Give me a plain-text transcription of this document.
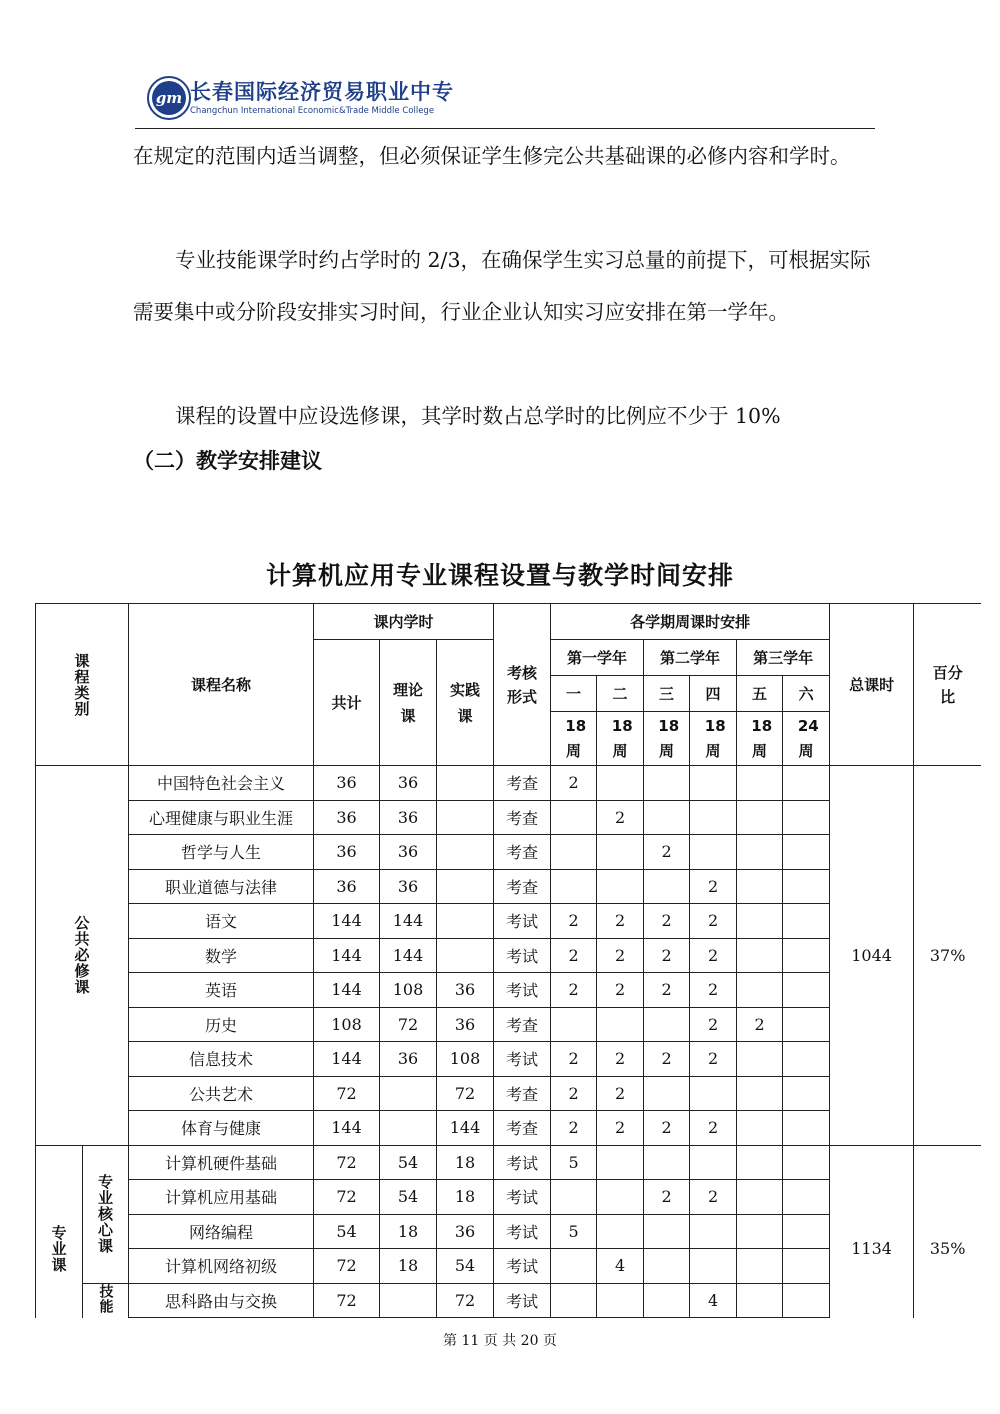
gm 长春国际经济贸易职业中专
Changchun International Economic&Trade Middle College
在规定的范围内适当调整，但必须保证学生修完公共基础课的必修内容和学时。
专业技能课学时约占学时的 2/3，在确保学生实习总量的前提下，可根据实际需要集中或分阶段安排实习时间，行业企业认知实习应安排在第一学年。
课程的设置中应设选修课，其学时数占总学时的比例应不少于 10%
（二）教学安排建议
计算机应用专业课程设置与教学时间安排
课程类别		课程名称	课内学时			考核形式	各学期周课时安排						总课时	百分比

			共计	理论课	实践课		第一学年		第二学年		第三学年			
							一	二	三	四	五	六		

							18周	18周	18周	18周	18周	24周		

公共必修课		中国特色社会主义	36	36		考查	2						1044	37%
		心理健康与职业生涯	36	36		考查		2						
		哲学与人生	36	36		考查			2					
		职业道德与法律	36	36		考查				2				
		语文	144	144		考试	2	2	2	2				
		数学	144	144		考试	2	2	2	2				
		英语	144	108	36	考试	2	2	2	2				
		历史	108	72	36	考查				2	2			
		信息技术	144	36	108	考试	2	2	2	2				
		公共艺术	72		72	考查	2	2						
		体育与健康	144		144	考查	2	2	2	2				

专业课	专业核心课	计算机硬件基础	72	54	18	考试	5						1134	35%
		计算机应用基础	72	54	18	考试			2	2				
		网络编程	54	18	36	考试	5							
		计算机网络初级	72	18	54	考试		4						

	技能	思科路由与交换	72		72	考试				4				

第 11 页 共 20 页
